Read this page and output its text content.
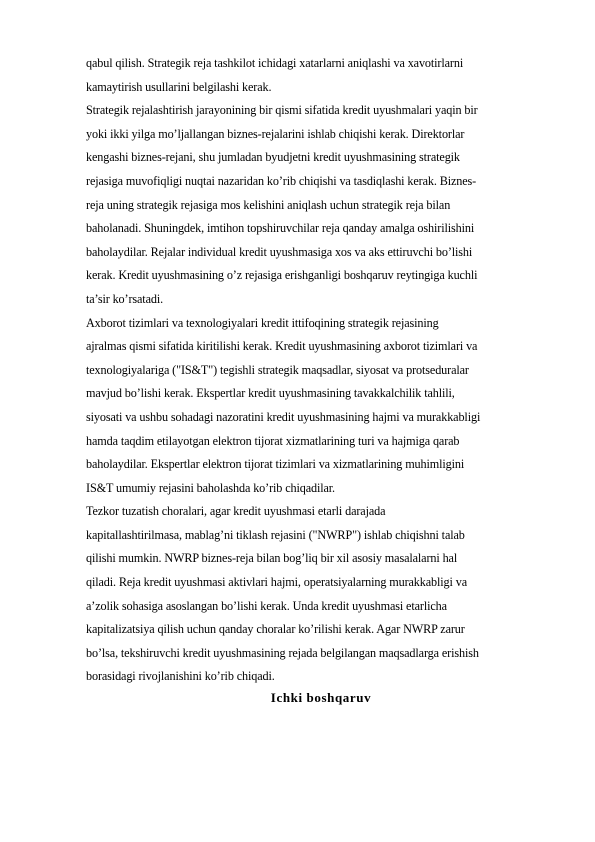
qabul qilish. Strategik reja tashkilot ichidagi xatarlarni aniqlashi va xavotirlarni
kamaytirish usullarini belgilashi kerak.
Strategik rejalashtirish jarayonining bir qismi sifatida kredit uyushmalari yaqin bir
yoki ikki yilga mo’ljallangan biznes-rejalarini ishlab chiqishi kerak. Direktorlar
kengashi biznes-rejani, shu jumladan byudjetni kredit uyushmasining strategik
rejasiga muvofiqligi nuqtai nazaridan ko’rib chiqishi va tasdiqlashi kerak. Biznes-
reja uning strategik rejasiga mos kelishini aniqlash uchun strategik reja bilan
baholanadi. Shuningdek, imtihon topshiruvchilar reja qanday amalga oshirilishini
baholaydilar. Rejalar individual kredit uyushmasiga xos va aks ettiruvchi bo’lishi
kerak. Kredit uyushmasining o’z rejasiga erishganligi boshqaruv reytingiga kuchli
ta’sir ko’rsatadi.
Axborot tizimlari va texnologiyalari kredit ittifoqining strategik rejasining
ajralmas qismi sifatida kiritilishi kerak. Kredit uyushmasining axborot tizimlari va
texnologiyalariga ("IS&T") tegishli strategik maqsadlar, siyosat va protseduralar
mavjud bo’lishi kerak. Ekspertlar kredit uyushmasining tavakkalchilik tahlili,
siyosati va ushbu sohadagi nazoratini kredit uyushmasining hajmi va murakkabligi
hamda taqdim etilayotgan elektron tijorat xizmatlarining turi va hajmiga qarab
baholaydilar. Ekspertlar elektron tijorat tizimlari va xizmatlarining muhimligini
IS&T umumiy rejasini baholashda ko’rib chiqadilar.
Tezkor tuzatish choralari, agar kredit uyushmasi etarli darajada
kapitallashtirilmasa, mablag’ni tiklash rejasini ("NWRP") ishlab chiqishni talab
qilishi mumkin. NWRP biznes-reja bilan bog’liq bir xil asosiy masalalarni hal
qiladi. Reja kredit uyushmasi aktivlari hajmi, operatsiyalarning murakkabligi va
a’zolik sohasiga asoslangan bo’lishi kerak. Unda kredit uyushmasi etarlicha
kapitalizatsiya qilish uchun qanday choralar ko’rilishi kerak. Agar NWRP zarur
bo’lsa, tekshiruvchi kredit uyushmasining rejada belgilangan maqsadlarga erishish
borasidagi rivojlanishini ko’rib chiqadi.
Ichki boshqaruv
